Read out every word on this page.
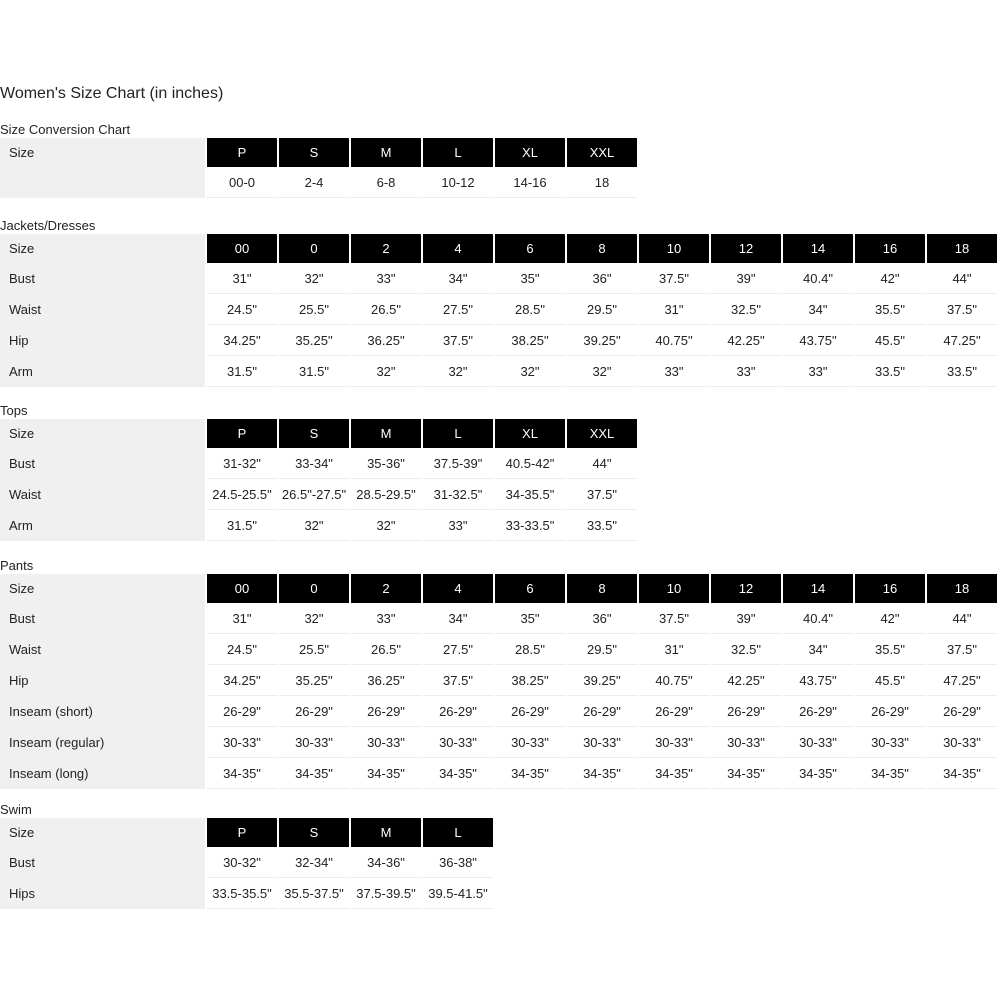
Women's Size Chart (in inches)
Size Conversion Chart
Size	P	S	M	L	XL	XXL
	00-0	2-4	6-8	10-12	14-16	18
Jackets/Dresses
Size	00	0	2	4	6	8	10	12	14	16	18
Bust	31"	32"	33"	34"	35"	36"	37.5"	39"	40.4"	42"	44"
Waist	24.5"	25.5"	26.5"	27.5"	28.5"	29.5"	31"	32.5"	34"	35.5"	37.5"
Hip	34.25"	35.25"	36.25"	37.5"	38.25"	39.25"	40.75"	42.25"	43.75"	45.5"	47.25"
Arm	31.5"	31.5"	32"	32"	32"	32"	33"	33"	33"	33.5"	33.5"
Tops
Size	P	S	M	L	XL	XXL
Bust	31-32"	33-34"	35-36"	37.5-39"	40.5-42"	44"
Waist	24.5-25.5"	26.5"-27.5"	28.5-29.5"	31-32.5"	34-35.5"	37.5"
Arm	31.5"	32"	32"	33"	33-33.5"	33.5"
Pants
Size	00	0	2	4	6	8	10	12	14	16	18
Bust	31"	32"	33"	34"	35"	36"	37.5"	39"	40.4"	42"	44"
Waist	24.5"	25.5"	26.5"	27.5"	28.5"	29.5"	31"	32.5"	34"	35.5"	37.5"
Hip	34.25"	35.25"	36.25"	37.5"	38.25"	39.25"	40.75"	42.25"	43.75"	45.5"	47.25"
Inseam (short)	26-29"	26-29"	26-29"	26-29"	26-29"	26-29"	26-29"	26-29"	26-29"	26-29"	26-29"
Inseam (regular)	30-33"	30-33"	30-33"	30-33"	30-33"	30-33"	30-33"	30-33"	30-33"	30-33"	30-33"
Inseam (long)	34-35"	34-35"	34-35"	34-35"	34-35"	34-35"	34-35"	34-35"	34-35"	34-35"	34-35"
Swim
Size	P	S	M	L
Bust	30-32"	32-34"	34-36"	36-38"
Hips	33.5-35.5"	35.5-37.5"	37.5-39.5"	39.5-41.5"
